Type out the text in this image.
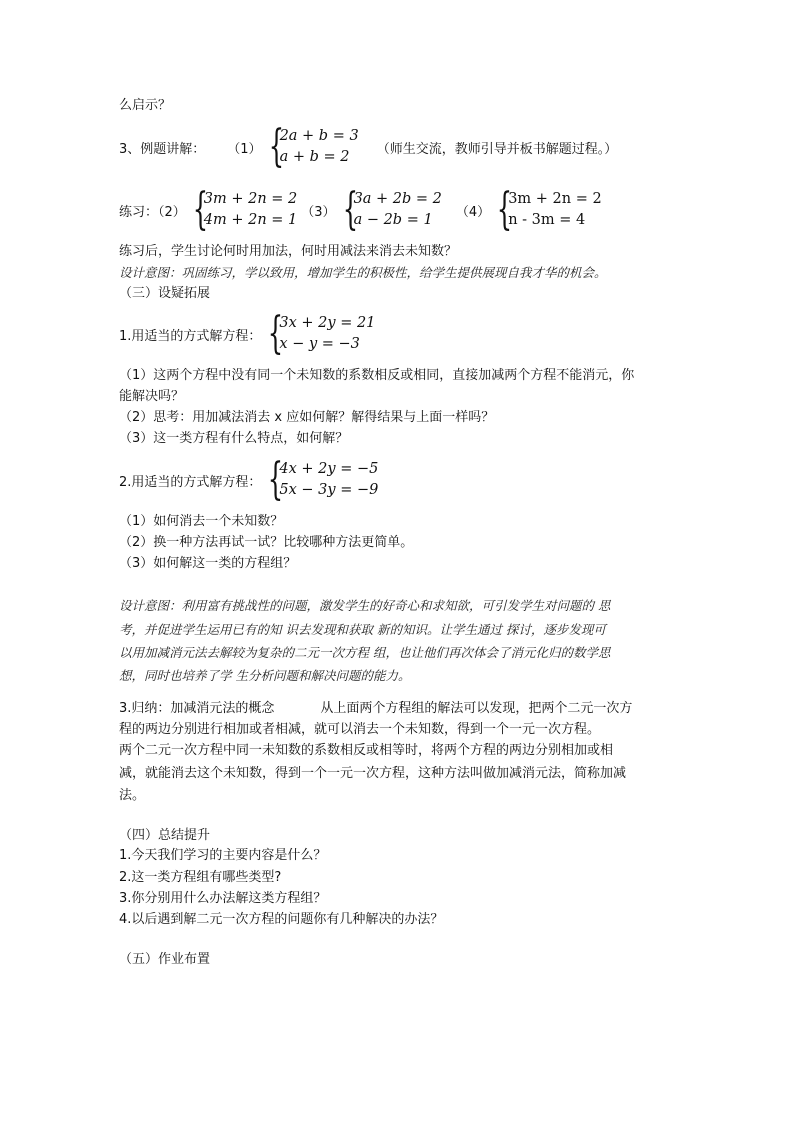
么启示？
3、例题讲解： （1） {
2a + b = 3
a + b = 2	（师生交流，教师引导并板书解题过程。）
练习：（2） {
3m + 2n = 2
4m + 2n = 1 （3） {
3a + 2b = 2
a − 2b = 1	（4） {
3m + 2n = 2
n - 3m = 4
练习后，学生讨论何时用加法，何时用减法来消去未知数？
设计意图：巩固练习，学以致用，增加学生的积极性，给学生提供展现自我才华的机会。
（三）设疑拓展
1.用适当的方式解方程： {
3x + 2y = 21
x − y = −3
（1）这两个方程中没有同一个未知数的系数相反或相同，直接加减两个方程不能消元，你
能解决吗？
（2）思考：用加减法消去 x 应如何解？解得结果与上面一样吗？
（3）这一类方程有什么特点，如何解？
2.用适当的方式解方程： {
4x + 2y = −5
5x − 3y = −9
（1）如何消去一个未知数？
（2）换一种方法再试一试？比较哪种方法更简单。
（3）如何解这一类的方程组？
设计意图：利用富有挑战性的问题，激发学生的好奇心和求知欲，可引发学生对问题的 思
考，并促进学生运用已有的知 识去发现和获取 新的知识。让学生通过 探讨，逐步发现可
以用加减消元法去解较为复杂的二元一次方程 组，也让他们再次体会了消元化归的数学思
想，同时也培养了学 生分析问题和解决问题的能力。
3.归纳：加减消元法的概念	从上面两个方程组的解法可以发现，把两个二元一次方
程的两边分别进行相加或者相减，就可以消去一个未知数，得到一个一元一次方程。
两个二元一次方程中同一未知数的系数相反或相等时，将两个方程的两边分别相加或相
减，就能消去这个未知数，得到一个一元一次方程，这种方法叫做加减消元法，简称加减
法。
（四）总结提升
1.今天我们学习的主要内容是什么？
2.这一类方程组有哪些类型?
3.你分别用什么办法解这类方程组？
4.以后遇到解二元一次方程的问题你有几种解决的办法？
（五）作业布置
